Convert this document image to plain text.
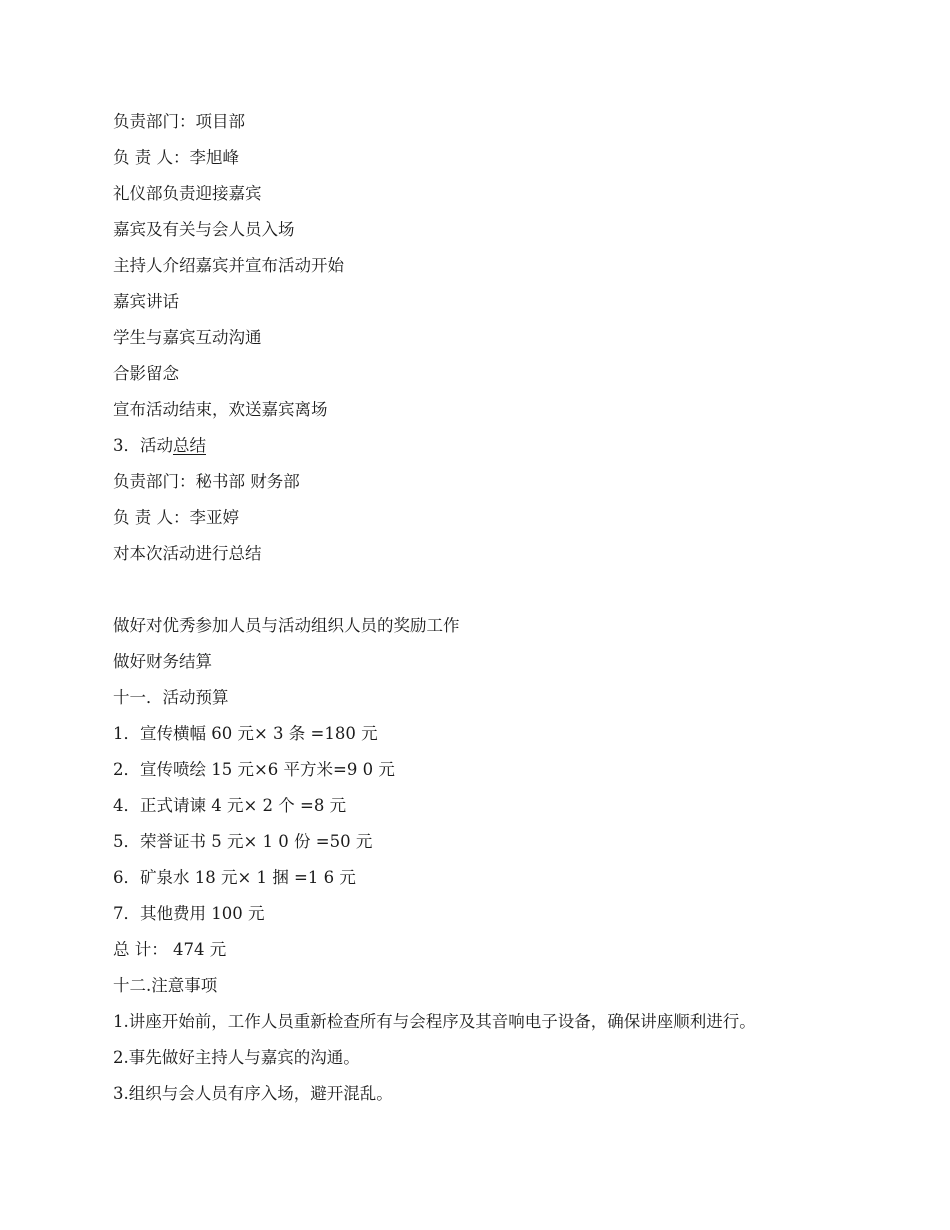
负责部门：项目部
负 责 人：李旭峰
礼仪部负责迎接嘉宾
嘉宾及有关与会人员入场
主持人介绍嘉宾并宣布活动开始
嘉宾讲话
学生与嘉宾互动沟通
合影留念
宣布活动结束，欢送嘉宾离场
3．活动总结
负责部门：秘书部 财务部
负 责 人：李亚婷
对本次活动进行总结
做好对优秀参加人员与活动组织人员的奖励工作
做好财务结算
十一．活动预算
1．宣传横幅 60 元× 3 条 =180 元
2．宣传喷绘 15 元×6 平方米=9 0 元
4．正式请谏 4 元× 2 个 =8 元
5．荣誉证书 5 元× 1 0 份 =50 元
6．矿泉水 18 元× 1 捆 =1 6 元
7．其他费用 100 元
总 计： 474 元
十二.注意事项
1.讲座开始前，工作人员重新检查所有与会程序及其音响电子设备，确保讲座顺利进行。
2.事先做好主持人与嘉宾的沟通。
3.组织与会人员有序入场，避开混乱。
